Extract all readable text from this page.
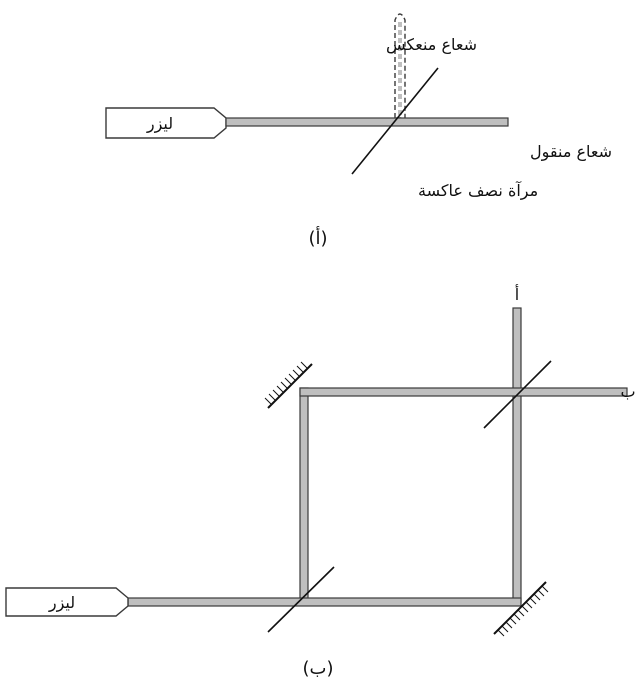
ليزر
شعاع منعكس
شعاع منقول
مرآة نصف عاكسة
(أ)
ليزر
أ
ب
(ب)
